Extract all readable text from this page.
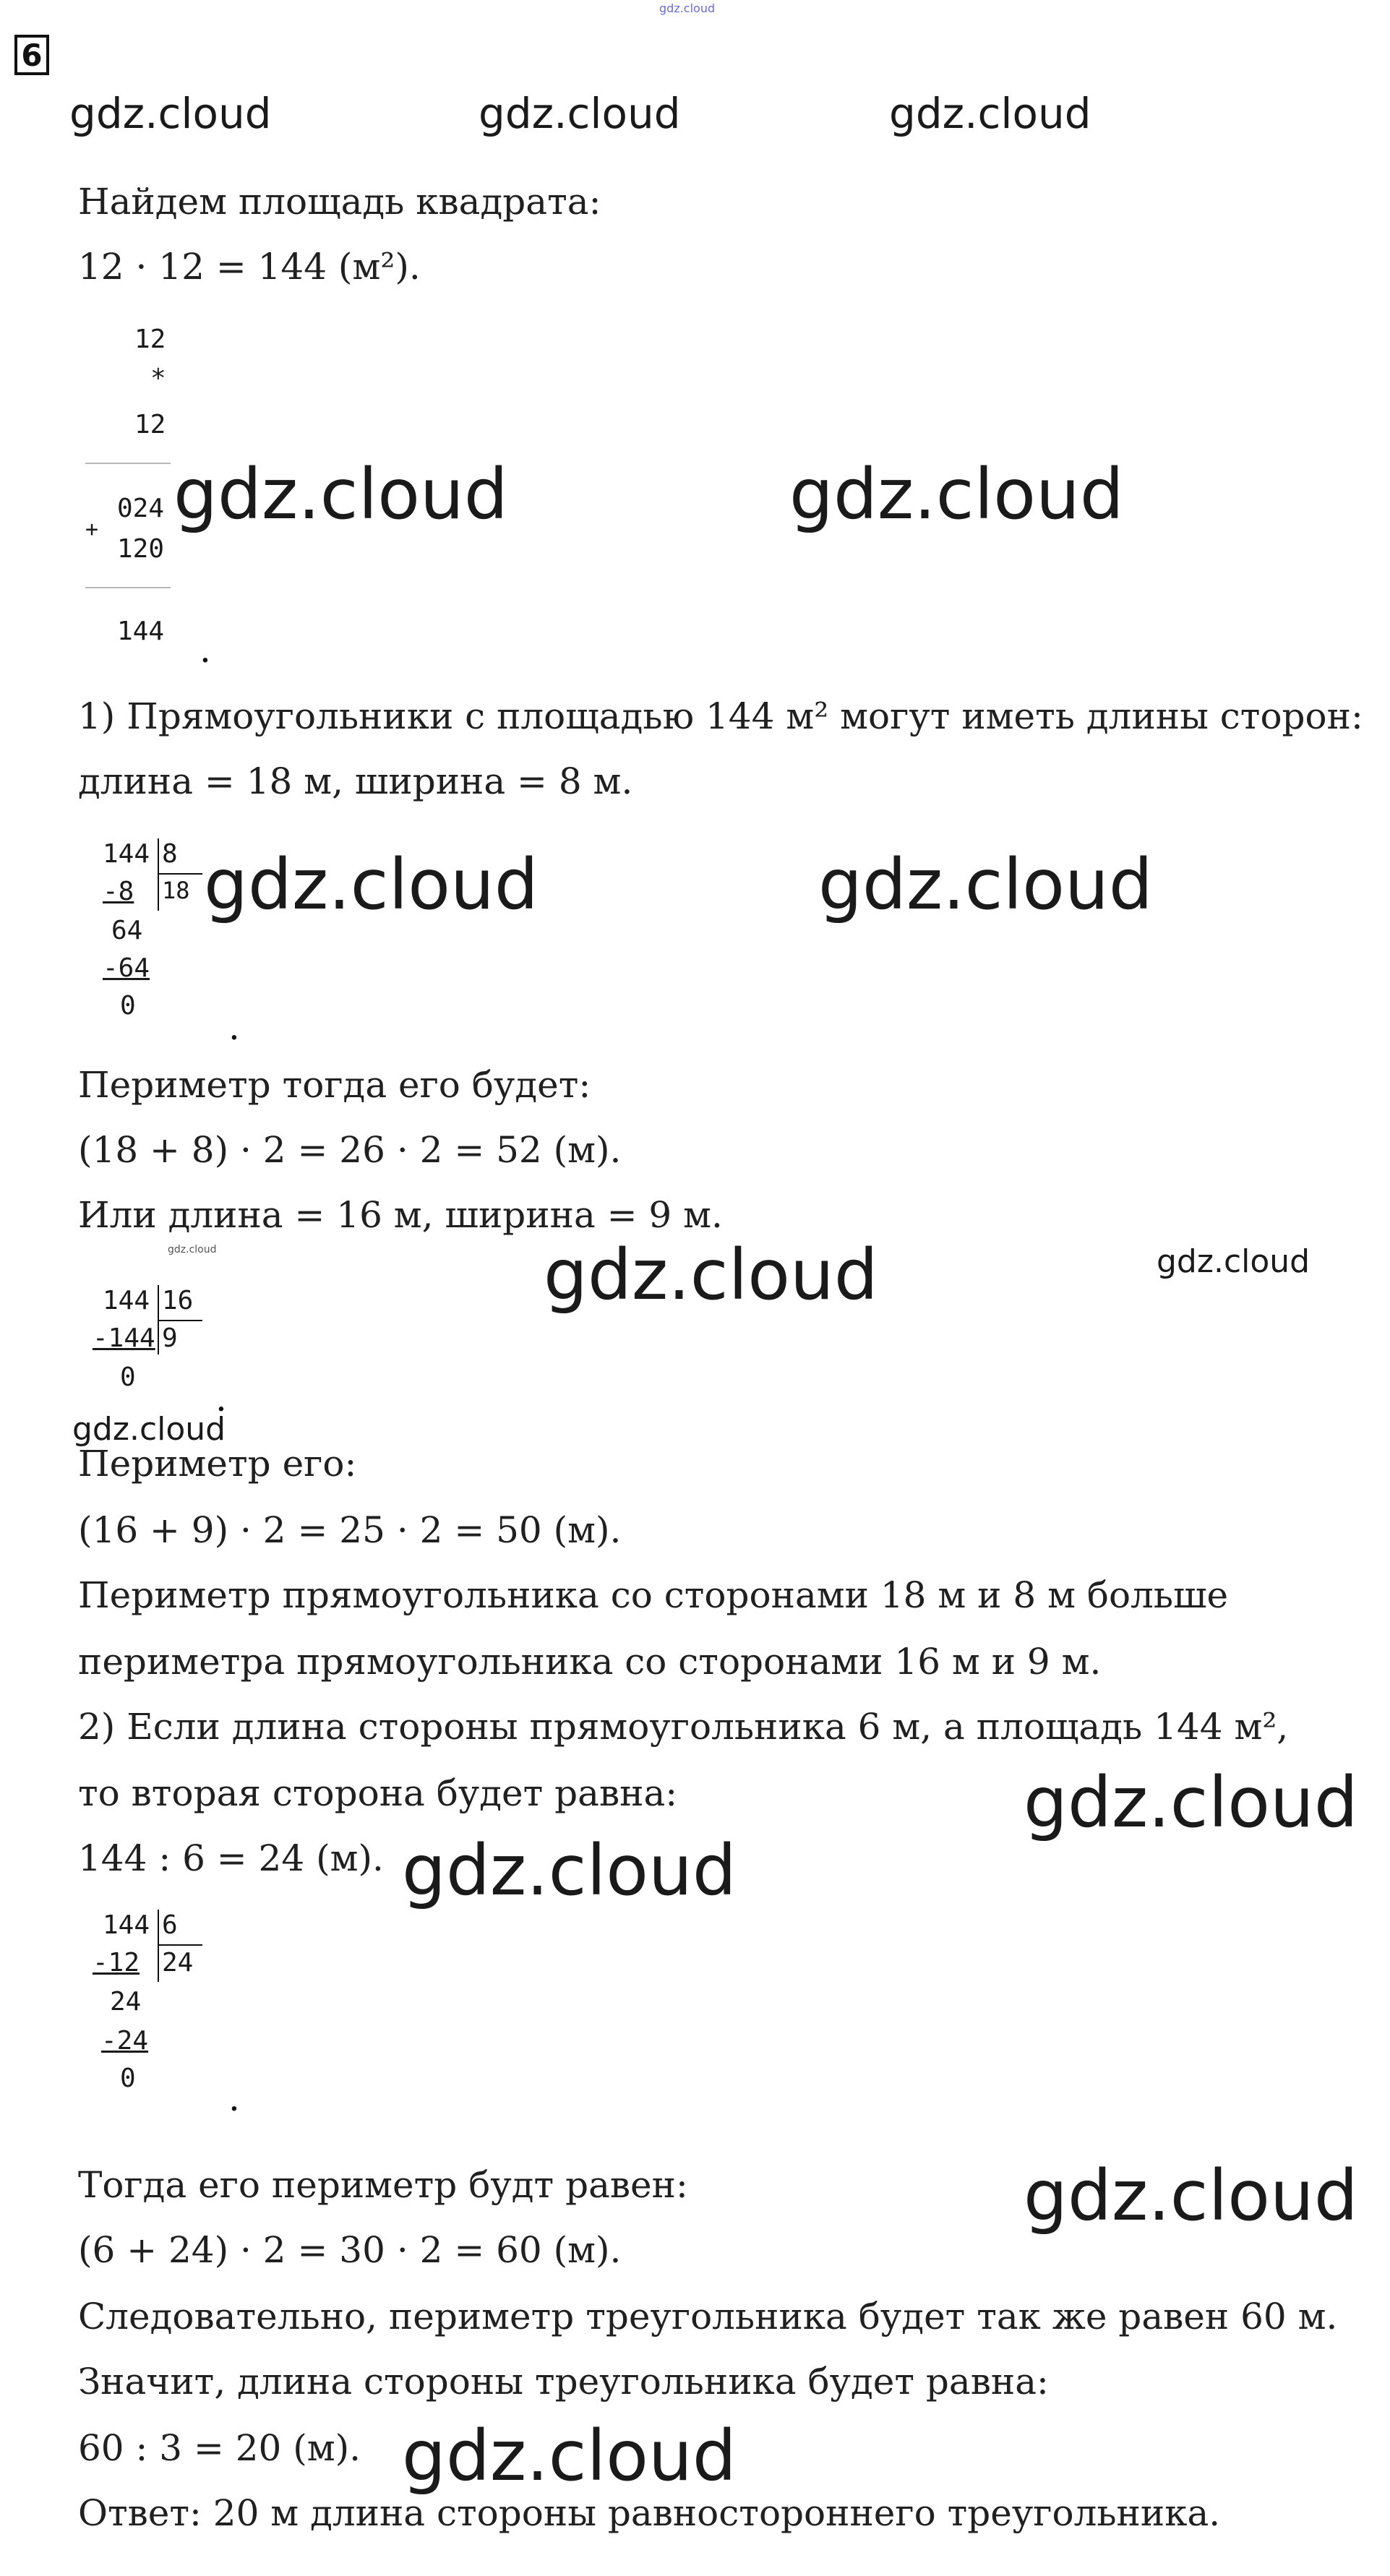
gdz.cloud
6
gdz.cloud	gdz.cloud	gdz.cloud
Найдем площадь квадрата:
12 · 12 = 144 (м²).
12
*
12
024
+
120
144 .
gdz.cloud	gdz.cloud
1) Прямоугольники с площадью 144 м² могут иметь длины сторон:
длина = 18 м, ширина = 8 м.
144 8
18
-8
64
-64
0
.
gdz.cloud	gdz.cloud
Периметр тогда его будет:
(18 + 8) · 2 = 26 · 2 = 52 (м).
Или длина = 16 м, ширина = 9 м.
gdz.cloud	gdz.cloud	gdz.cloud
144 16
9
-144
0
.
gdz.cloud
Периметр его:
(16 + 9) · 2 = 25 · 2 = 50 (м).
Периметр прямоугольника со сторонами 18 м и 8 м больше
периметра прямоугольника со сторонами 16 м и 9 м.
2) Если длина стороны прямоугольника 6 м, а площадь 144 м²,
то вторая сторона будет равна:	gdz.cloud
144 : 6 = 24 (м). gdz.cloud
144 6
24
-12
24
-24
0	.
Тогда его периметр будт равен:	gdz.cloud
(6 + 24) · 2 = 30 · 2 = 60 (м).
Следовательно, периметр треугольника будет так же равен 60 м.
Значит, длина стороны треугольника будет равна:
60 : 3 = 20 (м). gdz.cloud
Ответ: 20 м длина стороны равностороннего треугольника.
